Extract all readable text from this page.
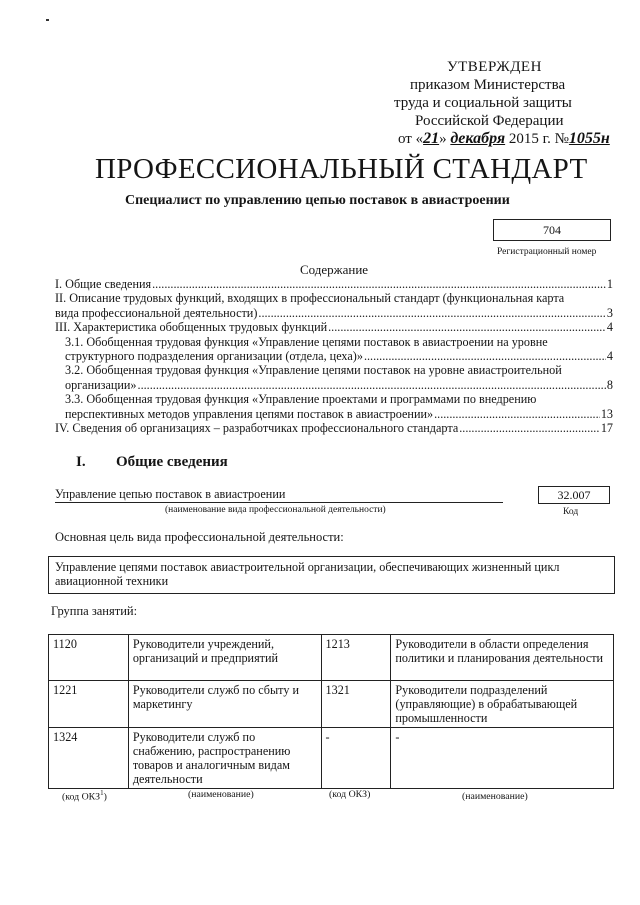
УТВЕРЖДЕН
приказом Министерства
труда и социальной защиты
Российской Федерации
от «21» декабря 2015 г. №1055н
ПРОФЕССИОНАЛЬНЫЙ СТАНДАРТ
Специалист по управлению цепью поставок в авиастроении
704
Регистрационный номер
Содержание
I. Общие сведения .....	1
II. Описание трудовых функций, входящих в профессиональный стандарт (функциональная карта
вида профессиональной деятельности) .....	3
III. Характеристика обобщенных трудовых функций .....	4
3.1. Обобщенная трудовая функция «Управление цепями поставок в авиастроении на уровне
структурного подразделения организации (отдела, цеха)» .....	4
3.2. Обобщенная трудовая функция «Управление цепями поставок на уровне авиастроительной
организации» .....	8
3.3. Обобщенная трудовая функция «Управление проектами и программами по внедрению
перспективных методов управления цепями поставок в авиастроении» .....	13
IV. Сведения об организациях – разработчиках профессионального стандарта .....	17
I. Общие сведения
Управление цепью поставок в авиастроении
(наименование вида профессиональной деятельности)
32.007
Код
Основная цель вида профессиональной деятельности:
Управление цепями поставок авиастроительной организации, обеспечивающих жизненный цикл
авиационной техники
Группа занятий:
1120	Руководители учреждений, организаций и предприятий	1213	Руководители в области определения политики и планирования деятельности
1221	Руководители служб по сбыту и маркетингу	1321	Руководители подразделений (управляющие) в обрабатывающей промышленности
1324	Руководители служб по снабжению, распространению товаров и аналогичным видам деятельности	-	-
(код ОКЗ$^1$)	(наименование)	(код ОКЗ)	(наименование)
